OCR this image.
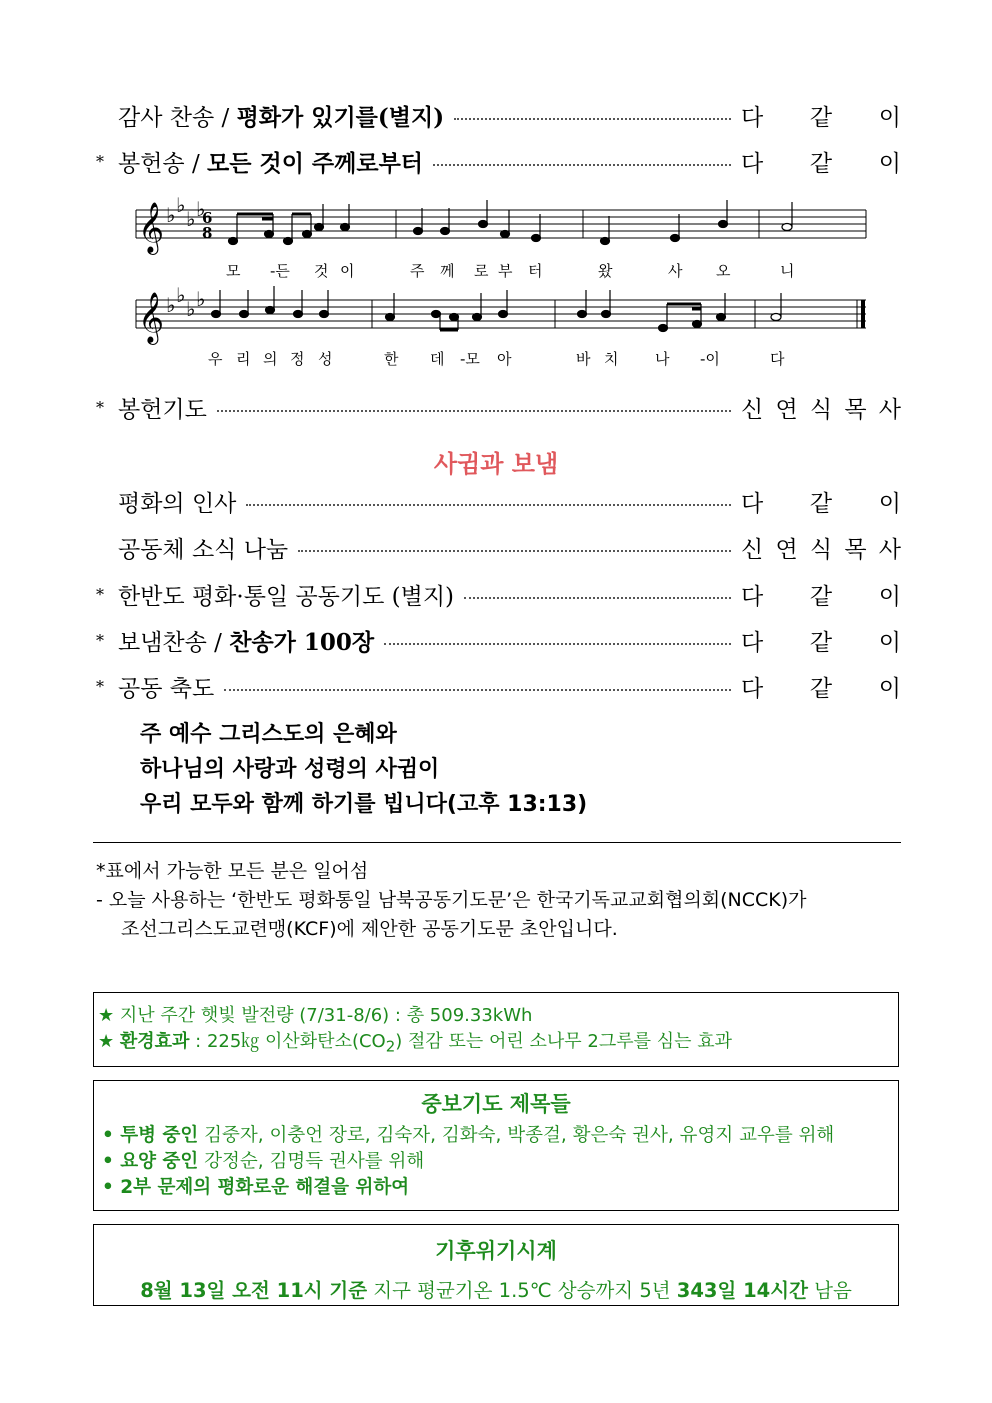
감사 찬송 / 평화가 있기를(별지)	다 같 이
* 봉헌송 / 모든 것이 주께로부터	다 같 이
𝄞 ♭ ♭
♭ ♭
6
8
𝄞 ♭ ♭
♭ ♭
모 -든 것 이	주 께 로 부 터	왔	사 오	니
우 리 의 정 성	한 데 -모 아	바 치 나 -이	다
* 봉헌기도	신 연 식 목 사
사귐과 보냄
평화의 인사	다 같 이
공동체 소식 나눔	신 연 식 목 사
* 한반도 평화·통일 공동기도 (별지)	다 같 이
* 보냄찬송 / 찬송가 100장	다 같 이
* 공동 축도	다 같 이
주 예수 그리스도의 은혜와
하나님의 사랑과 성령의 사귐이
우리 모두와 함께 하기를 빕니다(고후 13:13)
*표에서 가능한 모든 분은 일어섬
- 오늘 사용하는 ‘한반도 평화통일 남북공동기도문’은 한국기독교교회협의회(NCCK)가
조선그리스도교련맹(KCF)에 제안한 공동기도문 초안입니다.
★ 지난 주간 햇빛 발전량 (7/31-8/6) : 총 509.33kWh
★ 환경효과 : 225㎏ 이산화탄소$(CO_2)$ 절감 또는 어린 소나무 2그루를 심는 효과
중보기도 제목들
• 투병 중인 김중자, 이충언 장로, 김숙자, 김화숙, 박종걸, 황은숙 권사, 유영지 교우를 위해
• 요양 중인 강정순, 김명득 권사를 위해
• 2부 문제의 평화로운 해결을 위하여
기후위기시계
8월 13일 오전 11시 기준 지구 평균기온 1.5℃ 상승까지 5년 343일 14시간 남음
